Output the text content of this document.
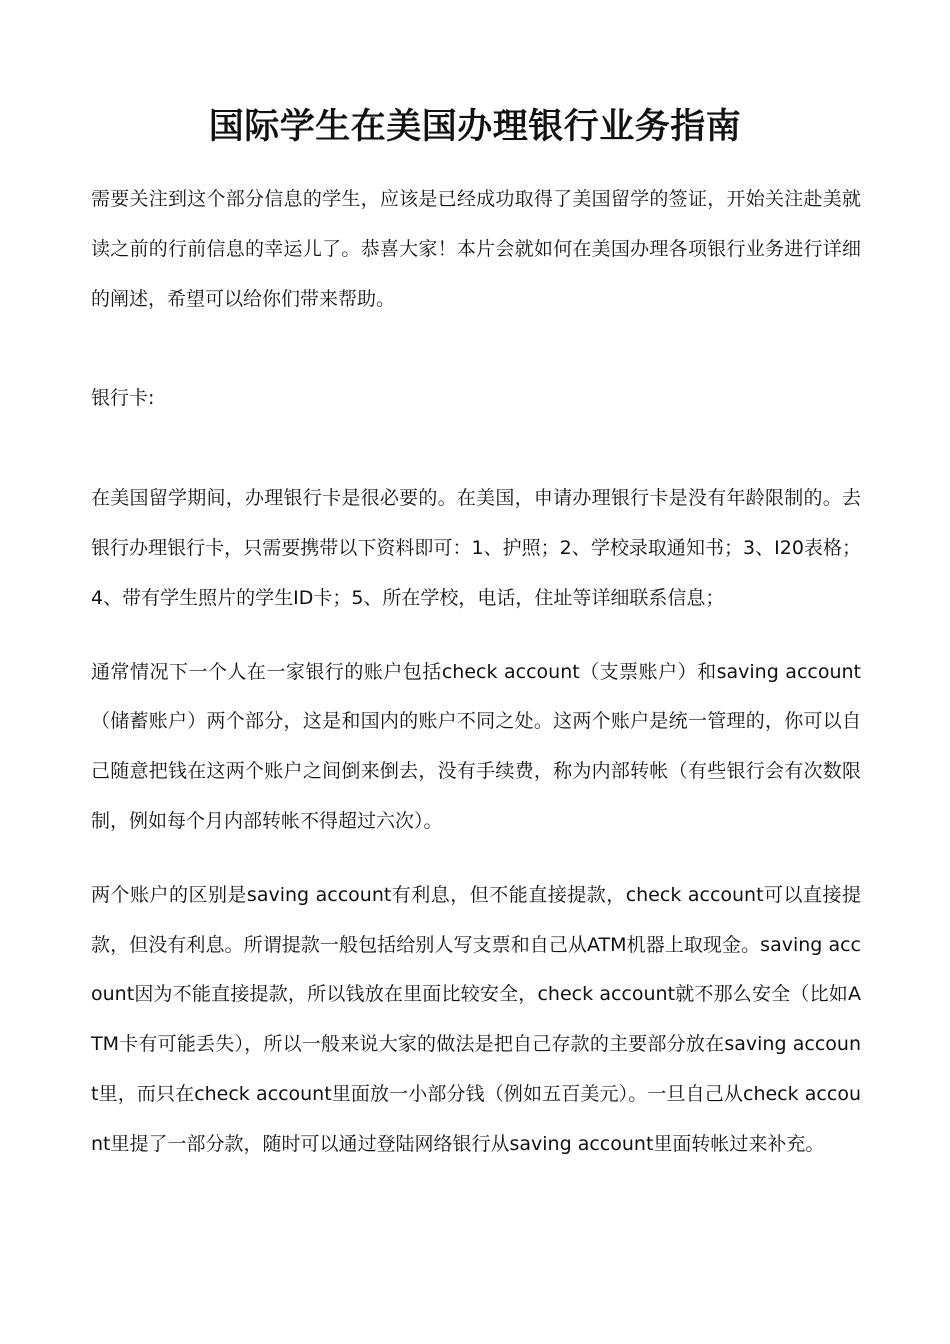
国际学生在美国办理银行业务指南

需要关注到这个部分信息的学生，应该是已经成功取得了美国留学的签证，开始关注赴美就读之前的行前信息的幸运儿了。恭喜大家！本片会就如何在美国办理各项银行业务进行详细的阐述，希望可以给你们带来帮助。

银行卡:

在美国留学期间，办理银行卡是很必要的。在美国，申请办理银行卡是没有年龄限制的。去银行办理银行卡，只需要携带以下资料即可：1、护照；2、学校录取通知书；3、I20表格；4、带有学生照片的学生ID卡；5、所在学校，电话，住址等详细联系信息；

通常情况下一个人在一家银行的账户包括check account（支票账户）和saving account（储蓄账户）两个部分，这是和国内的账户不同之处。这两个账户是统一管理的，你可以自己随意把钱在这两个账户之间倒来倒去，没有手续费，称为内部转帐（有些银行会有次数限制，例如每个月内部转帐不得超过六次）。

两个账户的区别是saving account有利息，但不能直接提款，check account可以直接提款，但没有利息。所谓提款一般包括给别人写支票和自己从ATM机器上取现金。saving account因为不能直接提款，所以钱放在里面比较安全，check account就不那么安全（比如ATM卡有可能丢失），所以一般来说大家的做法是把自己存款的主要部分放在saving account里，而只在check account里面放一小部分钱（例如五百美元）。一旦自己从check account里提了一部分款，随时可以通过登陆网络银行从saving account里面转帐过来补充。
